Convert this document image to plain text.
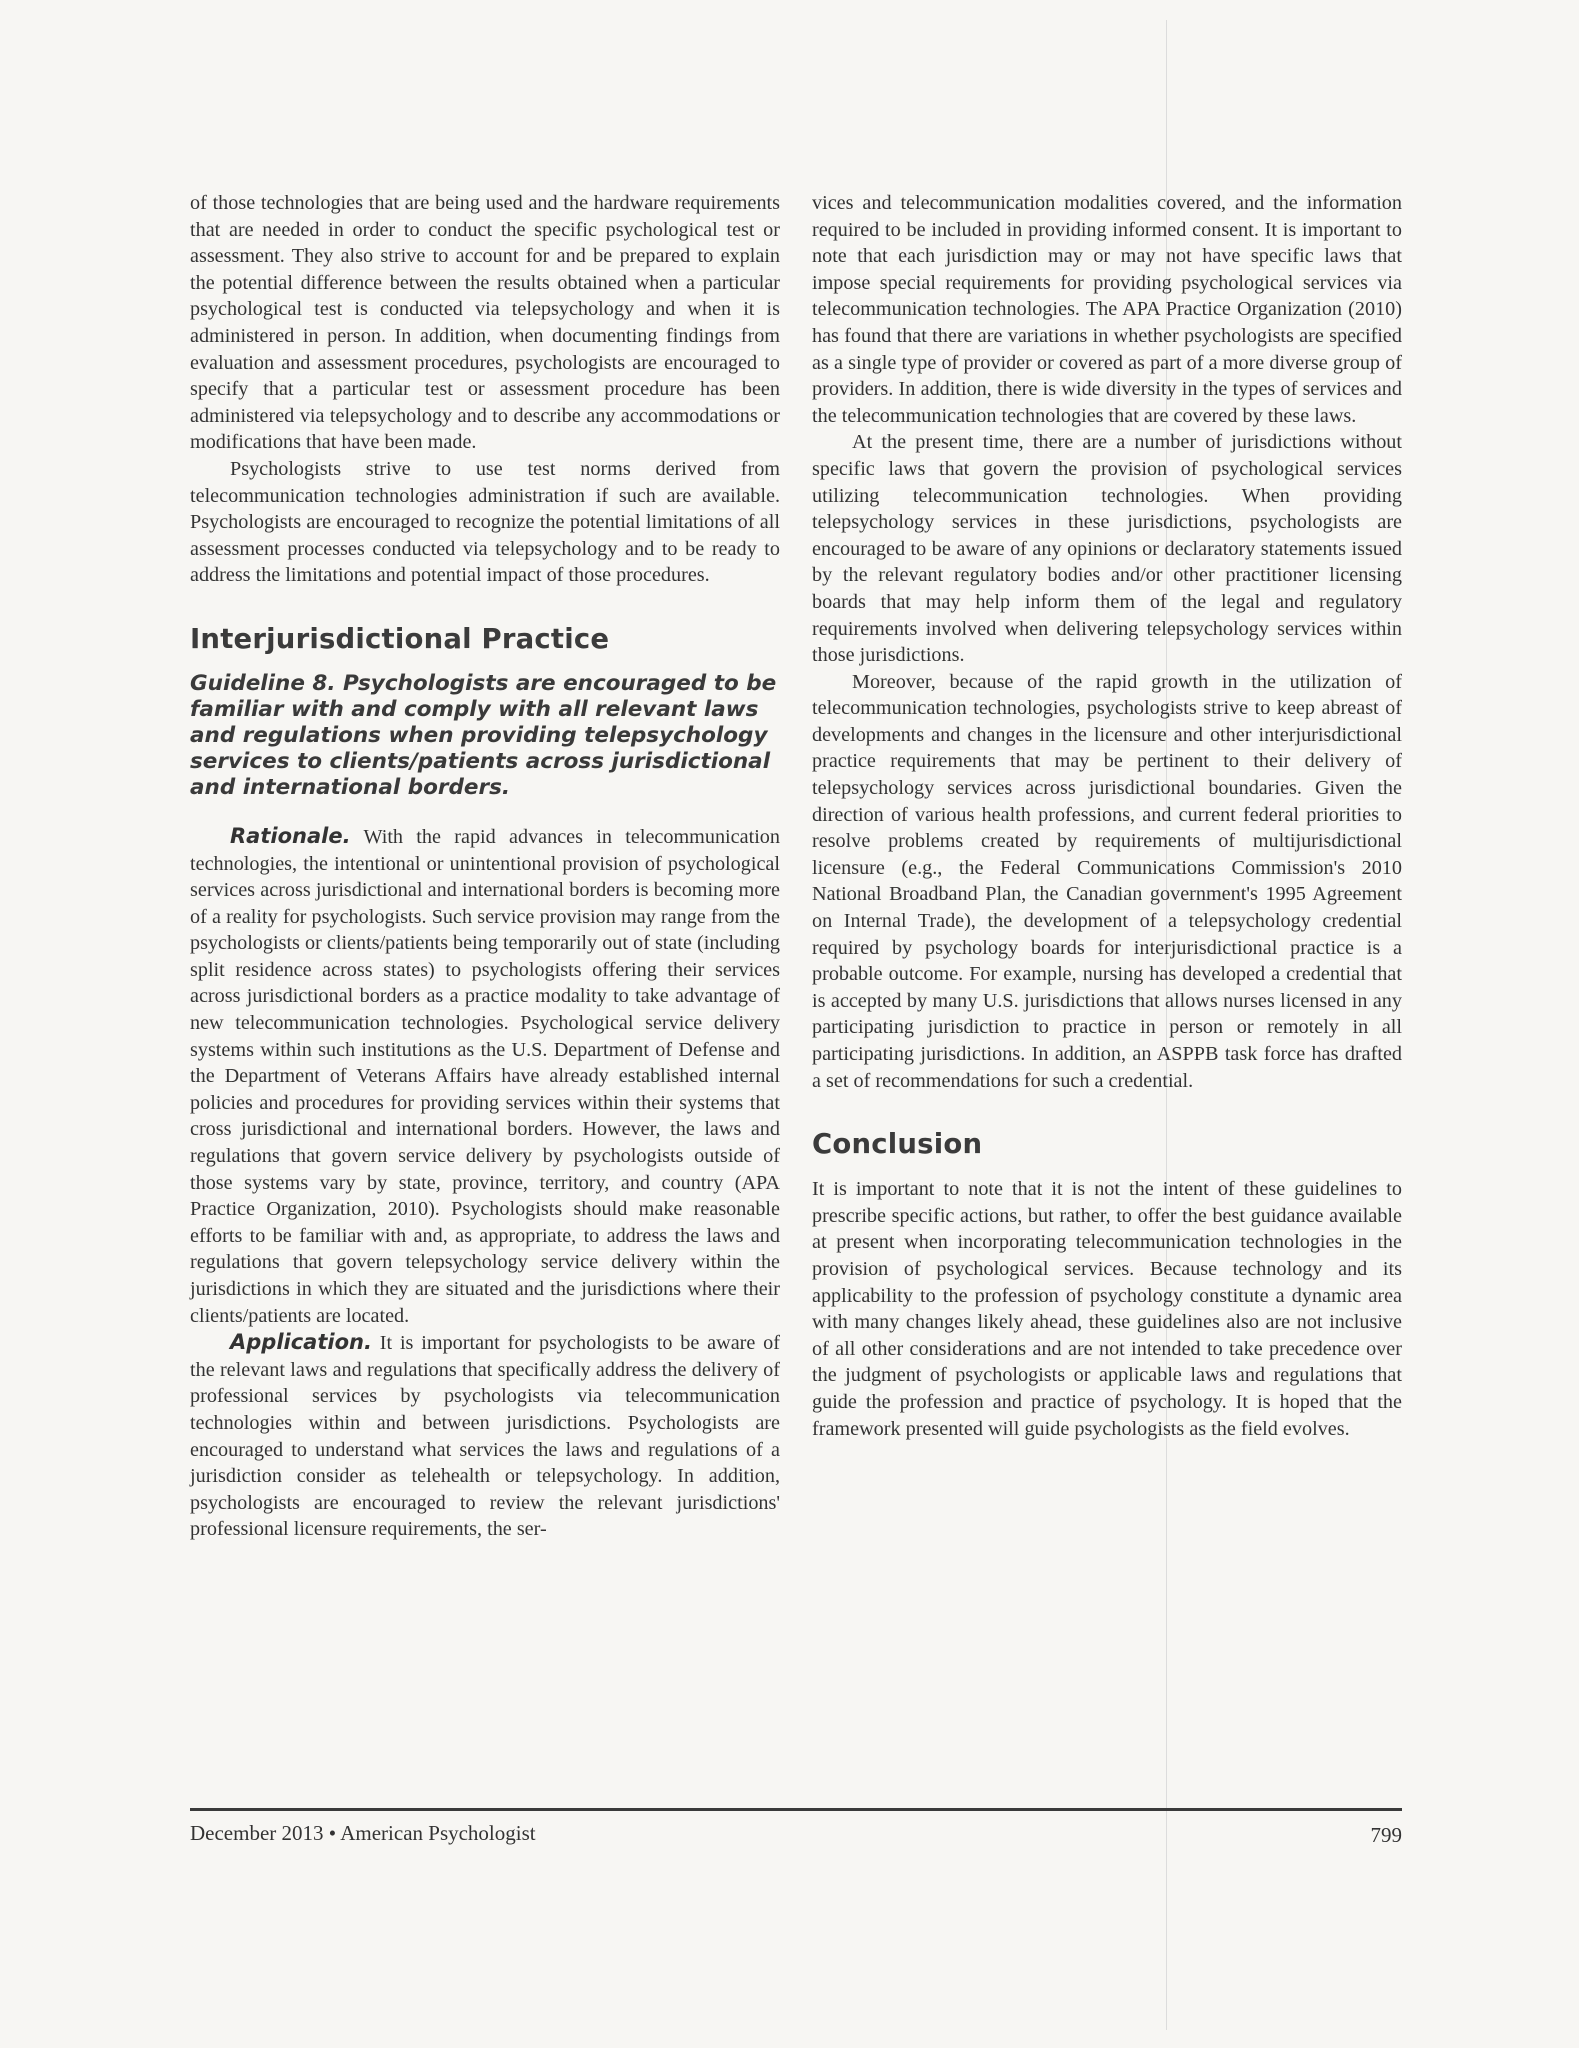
of those technologies that are being used and the hardware requirements that are needed in order to conduct the specific psychological test or assessment. They also strive to account for and be prepared to explain the potential difference between the results obtained when a particular psychological test is conducted via telepsychology and when it is administered in person. In addition, when documenting findings from evaluation and assessment procedures, psychologists are encouraged to specify that a particular test or assessment procedure has been administered via telepsychology and to describe any accommodations or modifications that have been made.

Psychologists strive to use test norms derived from telecommunication technologies administration if such are available. Psychologists are encouraged to recognize the potential limitations of all assessment processes conducted via telepsychology and to be ready to address the limitations and potential impact of those procedures.

Interjurisdictional Practice
Guideline 8. Psychologists are encouraged to be familiar with and comply with all relevant laws and regulations when providing telepsychology services to clients/patients across jurisdictional and international borders.

Rationale. With the rapid advances in telecommunication technologies, the intentional or unintentional provision of psychological services across jurisdictional and international borders is becoming more of a reality for psychologists. Such service provision may range from the psychologists or clients/patients being temporarily out of state (including split residence across states) to psychologists offering their services across jurisdictional borders as a practice modality to take advantage of new telecommunication technologies. Psychological service delivery systems within such institutions as the U.S. Department of Defense and the Department of Veterans Affairs have already established internal policies and procedures for providing services within their systems that cross jurisdictional and international borders. However, the laws and regulations that govern service delivery by psychologists outside of those systems vary by state, province, territory, and country (APA Practice Organization, 2010). Psychologists should make reasonable efforts to be familiar with and, as appropriate, to address the laws and regulations that govern telepsychology service delivery within the jurisdictions in which they are situated and the jurisdictions where their clients/patients are located.

Application. It is important for psychologists to be aware of the relevant laws and regulations that specifically address the delivery of professional services by psychologists via telecommunication technologies within and between jurisdictions. Psychologists are encouraged to understand what services the laws and regulations of a jurisdiction consider as telehealth or telepsychology. In addition, psychologists are encouraged to review the relevant jurisdictions' professional licensure requirements, the ser-

vices and telecommunication modalities covered, and the information required to be included in providing informed consent. It is important to note that each jurisdiction may or may not have specific laws that impose special requirements for providing psychological services via telecommunication technologies. The APA Practice Organization (2010) has found that there are variations in whether psychologists are specified as a single type of provider or covered as part of a more diverse group of providers. In addition, there is wide diversity in the types of services and the telecommunication technologies that are covered by these laws.

At the present time, there are a number of jurisdictions without specific laws that govern the provision of psychological services utilizing telecommunication technologies. When providing telepsychology services in these jurisdictions, psychologists are encouraged to be aware of any opinions or declaratory statements issued by the relevant regulatory bodies and/or other practitioner licensing boards that may help inform them of the legal and regulatory requirements involved when delivering telepsychology services within those jurisdictions.

Moreover, because of the rapid growth in the utilization of telecommunication technologies, psychologists strive to keep abreast of developments and changes in the licensure and other interjurisdictional practice requirements that may be pertinent to their delivery of telepsychology services across jurisdictional boundaries. Given the direction of various health professions, and current federal priorities to resolve problems created by requirements of multijurisdictional licensure (e.g., the Federal Communications Commission's 2010 National Broadband Plan, the Canadian government's 1995 Agreement on Internal Trade), the development of a telepsychology credential required by psychology boards for interjurisdictional practice is a probable outcome. For example, nursing has developed a credential that is accepted by many U.S. jurisdictions that allows nurses licensed in any participating jurisdiction to practice in person or remotely in all participating jurisdictions. In addition, an ASPPB task force has drafted a set of recommendations for such a credential.

Conclusion

It is important to note that it is not the intent of these guidelines to prescribe specific actions, but rather, to offer the best guidance available at present when incorporating telecommunication technologies in the provision of psychological services. Because technology and its applicability to the profession of psychology constitute a dynamic area with many changes likely ahead, these guidelines also are not inclusive of all other considerations and are not intended to take precedence over the judgment of psychologists or applicable laws and regulations that guide the profession and practice of psychology. It is hoped that the framework presented will guide psychologists as the field evolves.

December 2013 • American Psychologist	799
